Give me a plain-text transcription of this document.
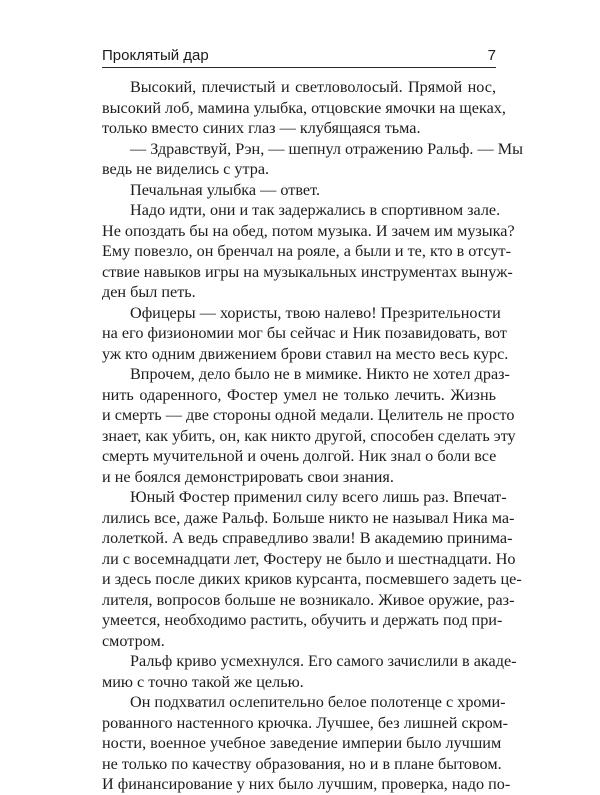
Проклятый дар	7
Высокий, плечистый и светловолосый. Прямой нос,
высокий лоб, мамина улыбка, отцовские ямочки на щеках,
только вместо синих глаз — клубящаяся тьма.
— Здравствуй, Рэн, — шепнул отражению Ральф. — Мы
ведь не виделись с утра.
Печальная улыбка — ответ.
Надо идти, они и так задержались в спортивном зале.
Не опоздать бы на обед, потом музыка. И зачем им музыка?
Ему повезло, он бренчал на рояле, а были и те, кто в отсут-
ствие навыков игры на музыкальных инструментах вынуж-
ден был петь.
Офицеры — хористы, твою налево! Презрительности
на его физиономии мог бы сейчас и Ник позавидовать, вот
уж кто одним движением брови ставил на место весь курс.
Впрочем, дело было не в мимике. Никто не хотел драз-
нить одаренного, Фостер умел не только лечить. Жизнь
и смерть — две стороны одной медали. Целитель не просто
знает, как убить, он, как никто другой, способен сделать эту
смерть мучительной и очень долгой. Ник знал о боли все
и не боялся демонстрировать свои знания.
Юный Фостер применил силу всего лишь раз. Впечат-
лились все, даже Ральф. Больше никто не называл Ника ма-
лолеткой. А ведь справедливо звали! В академию принима-
ли с восемнадцати лет, Фостеру не было и шестнадцати. Но
и здесь после диких криков курсанта, посмевшего задеть це-
лителя, вопросов больше не возникало. Живое оружие, раз-
умеется, необходимо растить, обучить и держать под при-
смотром.
Ральф криво усмехнулся. Его самого зачислили в акаде-
мию с точно такой же целью.
Он подхватил ослепительно белое полотенце с хроми-
рованного настенного крючка. Лучшее, без лишней скром-
ности, военное учебное заведение империи было лучшим
не только по качеству образования, но и в плане бытовом.
И финансирование у них было лучшим, проверка, надо по-
